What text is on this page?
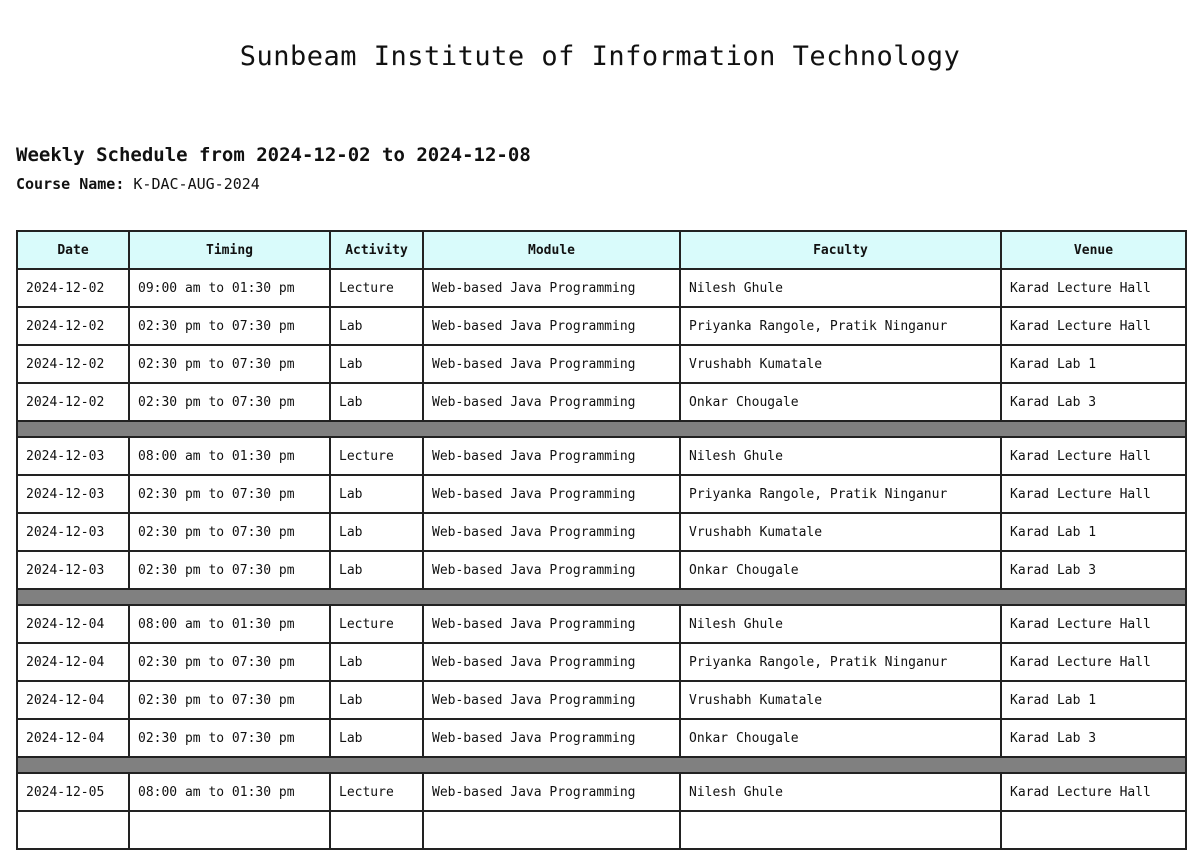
Sunbeam Institute of Information Technology
Weekly Schedule from 2024-12-02 to 2024-12-08
Course Name: K-DAC-AUG-2024
Date	Timing	Activity	Module	Faculty	Venue
2024-12-02	09:00 am to 01:30 pm	Lecture	Web-based Java Programming	Nilesh Ghule	Karad Lecture Hall
2024-12-02	02:30 pm to 07:30 pm	Lab	Web-based Java Programming	Priyanka Rangole, Pratik Ninganur	Karad Lecture Hall
2024-12-02	02:30 pm to 07:30 pm	Lab	Web-based Java Programming	Vrushabh Kumatale	Karad Lab 1
2024-12-02	02:30 pm to 07:30 pm	Lab	Web-based Java Programming	Onkar Chougale	Karad Lab 3

2024-12-03	08:00 am to 01:30 pm	Lecture	Web-based Java Programming	Nilesh Ghule	Karad Lecture Hall
2024-12-03	02:30 pm to 07:30 pm	Lab	Web-based Java Programming	Priyanka Rangole, Pratik Ninganur	Karad Lecture Hall
2024-12-03	02:30 pm to 07:30 pm	Lab	Web-based Java Programming	Vrushabh Kumatale	Karad Lab 1
2024-12-03	02:30 pm to 07:30 pm	Lab	Web-based Java Programming	Onkar Chougale	Karad Lab 3

2024-12-04	08:00 am to 01:30 pm	Lecture	Web-based Java Programming	Nilesh Ghule	Karad Lecture Hall
2024-12-04	02:30 pm to 07:30 pm	Lab	Web-based Java Programming	Priyanka Rangole, Pratik Ninganur	Karad Lecture Hall
2024-12-04	02:30 pm to 07:30 pm	Lab	Web-based Java Programming	Vrushabh Kumatale	Karad Lab 1
2024-12-04	02:30 pm to 07:30 pm	Lab	Web-based Java Programming	Onkar Chougale	Karad Lab 3

2024-12-05	08:00 am to 01:30 pm	Lecture	Web-based Java Programming	Nilesh Ghule	Karad Lecture Hall
